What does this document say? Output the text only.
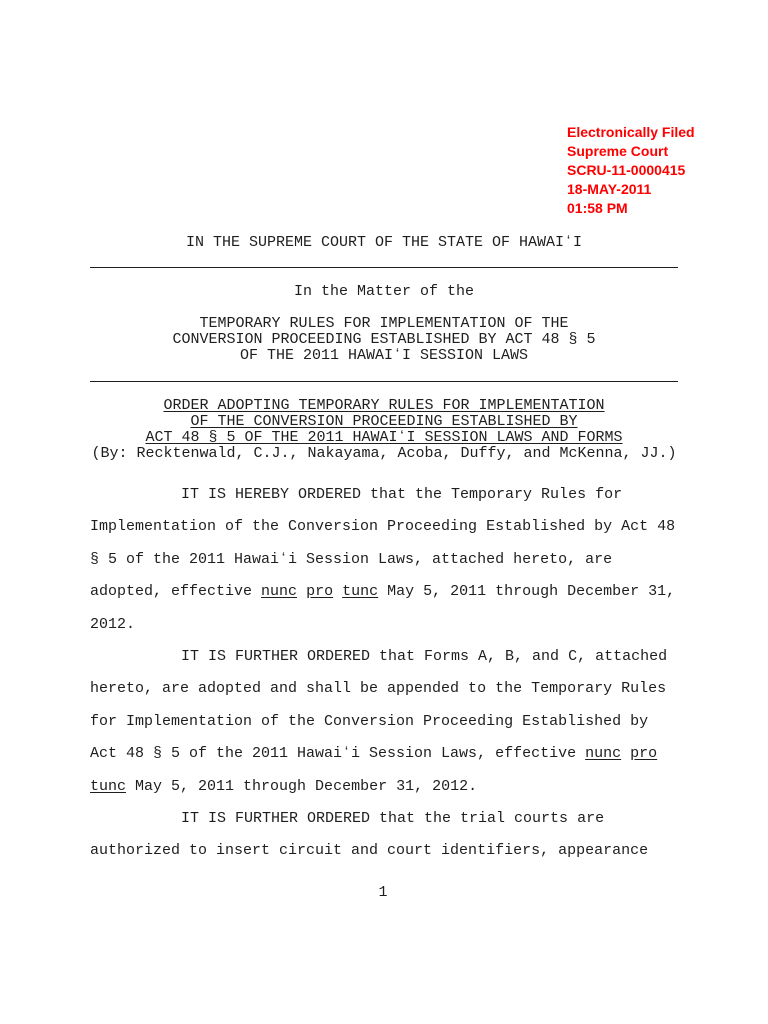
Electronically Filed
Supreme Court
SCRU-11-0000415
18-MAY-2011
01:58 PM
IN THE SUPREME COURT OF THE STATE OF HAWAIʻI
In the Matter of the
TEMPORARY RULES FOR IMPLEMENTATION OF THE
CONVERSION PROCEEDING ESTABLISHED BY ACT 48 § 5
OF THE 2011 HAWAIʻI SESSION LAWS
ORDER ADOPTING TEMPORARY RULES FOR IMPLEMENTATION
OF THE CONVERSION PROCEEDING ESTABLISHED BY
ACT 48 § 5 OF THE 2011 HAWAIʻI SESSION LAWS AND FORMS
(By: Recktenwald, C.J., Nakayama, Acoba, Duffy, and McKenna, JJ.)
IT IS HEREBY ORDERED that the Temporary Rules for
Implementation of the Conversion Proceeding Established by Act 48
§ 5 of the 2011 Hawaiʻi Session Laws, attached hereto, are
adopted, effective nunc pro tunc May 5, 2011 through December 31,
2012.
IT IS FURTHER ORDERED that Forms A, B, and C, attached
hereto, are adopted and shall be appended to the Temporary Rules
for Implementation of the Conversion Proceeding Established by
Act 48 § 5 of the 2011 Hawaiʻi Session Laws, effective nunc pro
tunc May 5, 2011 through December 31, 2012.
IT IS FURTHER ORDERED that the trial courts are
authorized to insert circuit and court identifiers, appearance
1
